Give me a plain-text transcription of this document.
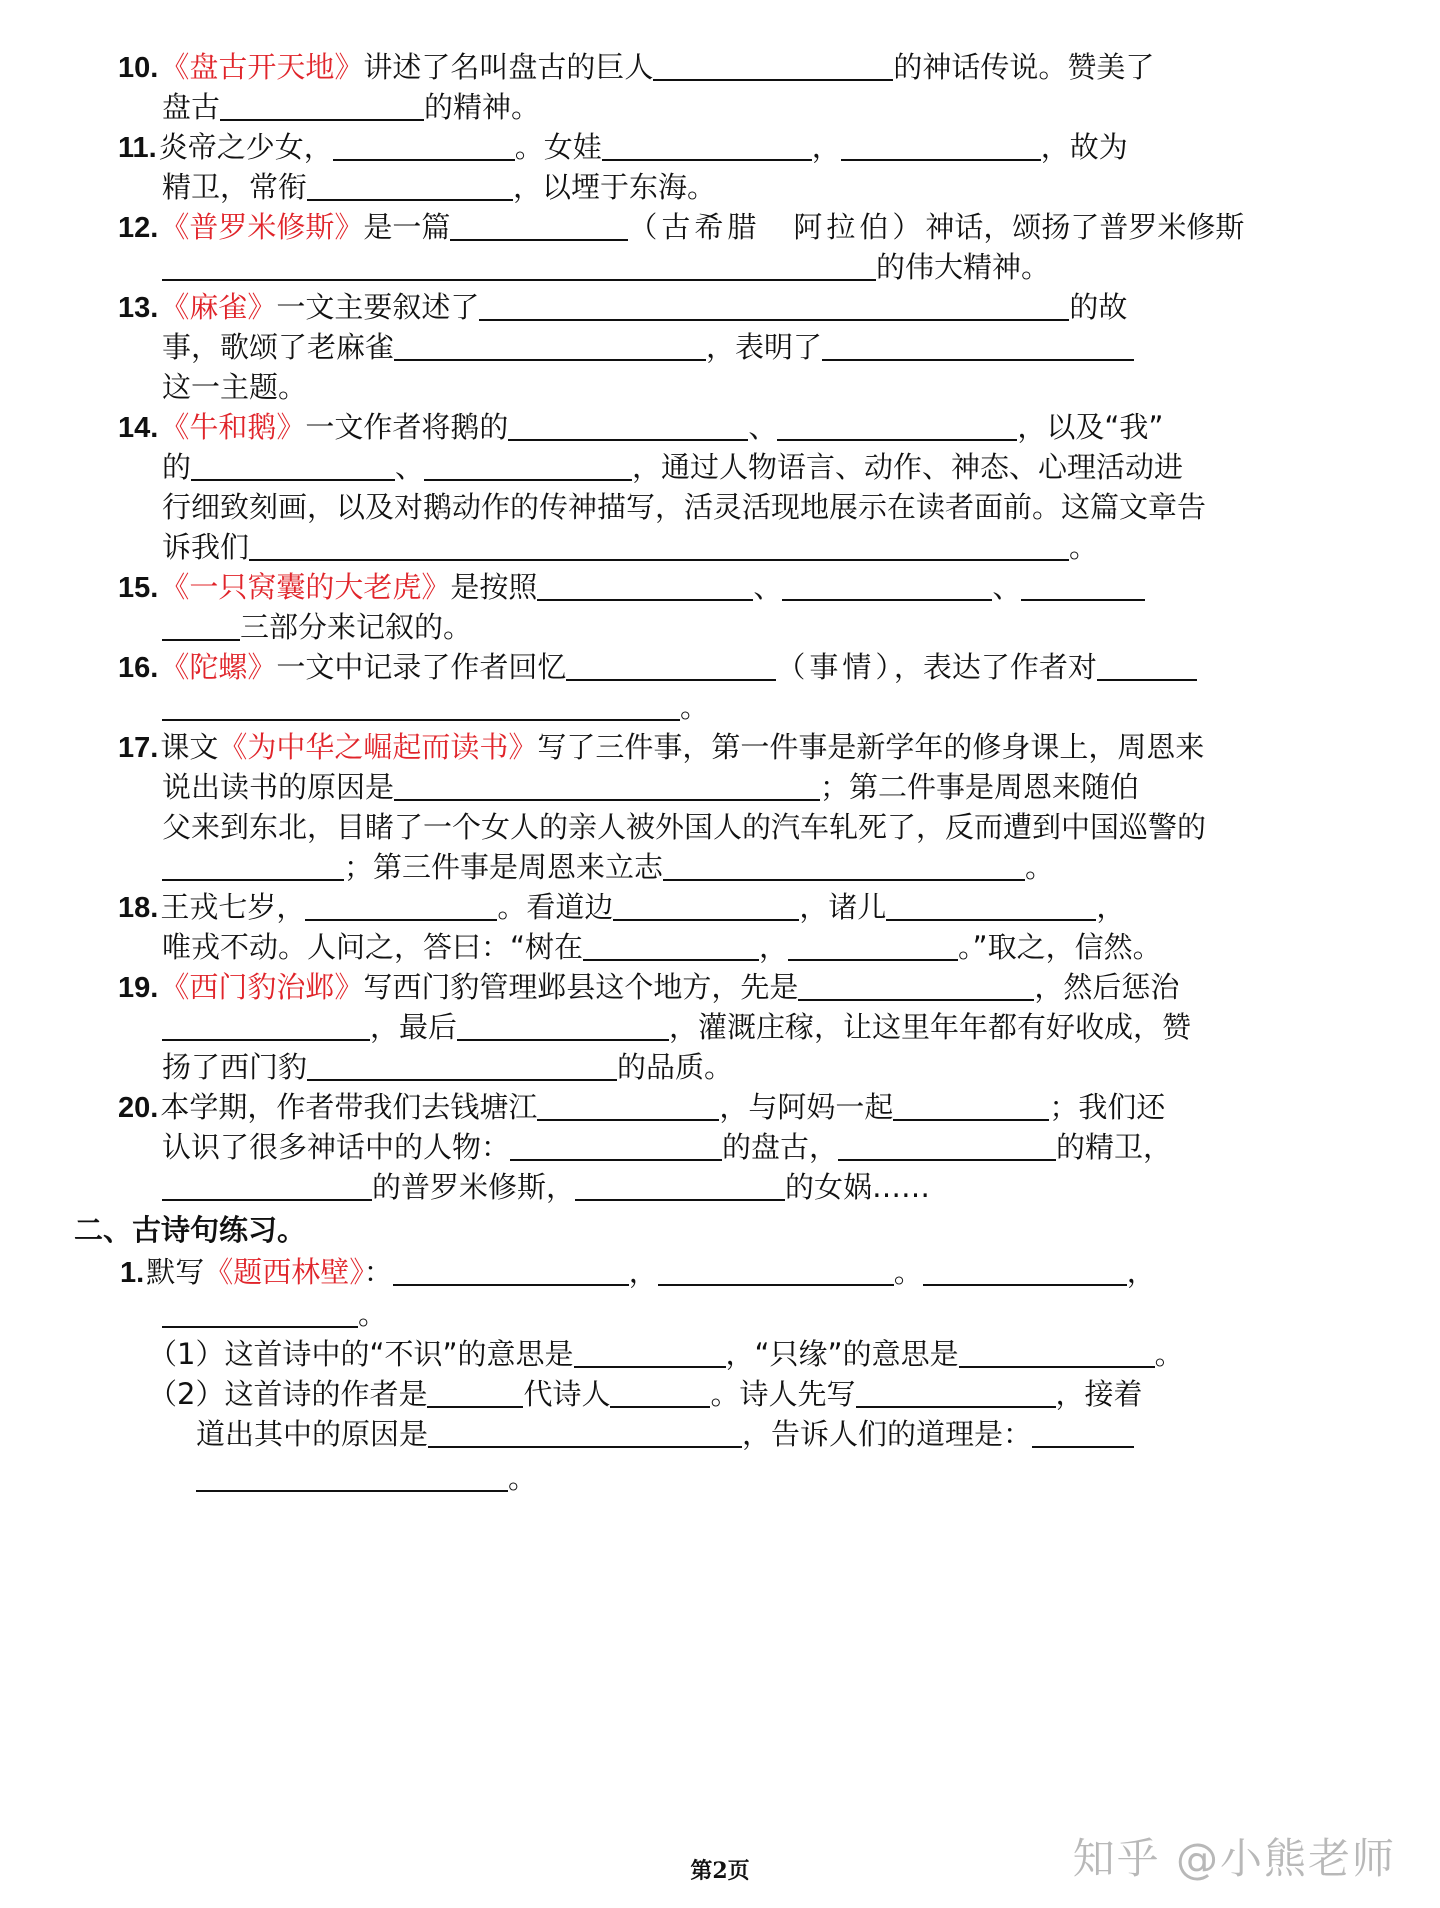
10.《盘古开天地》讲述了名叫盘古的巨人	的神话传说。赞美了
盘古	的精神。
11.炎帝之少女，	。女娃	，	，故为
精卫，常衔	，以堙于东海。
12.《普罗米修斯》是一篇	（古希腊　阿拉伯）神话，颂扬了普罗米修斯
的伟大精神。
13.《麻雀》一文主要叙述了	的故
事，歌颂了老麻雀	，表明了
这一主题。
14.《牛和鹅》一文作者将鹅的	、	，以及“我”
的	、	，通过人物语言、动作、神态、心理活动进
行细致刻画，以及对鹅动作的传神描写，活灵活现地展示在读者面前。这篇文章告
诉我们	。
15.《一只窝囊的大老虎》是按照	、	、
三部分来记叙的。
16.《陀螺》一文中记录了作者回忆	（事情），表达了作者对
。
17.课文《为中华之崛起而读书》写了三件事，第一件事是新学年的修身课上，周恩来
说出读书的原因是	；第二件事是周恩来随伯
父来到东北，目睹了一个女人的亲人被外国人的汽车轧死了，反而遭到中国巡警的
；第三件事是周恩来立志	。
18.王戎七岁，	。看道边	，诸儿	，
唯戎不动。人问之，答曰：“树在	，	。”取之，信然。
19.《西门豹治邺》写西门豹管理邺县这个地方，先是	，然后惩治
，最后	，灌溉庄稼，让这里年年都有好收成，赞
扬了西门豹	的品质。
20.本学期，作者带我们去钱塘江	，与阿妈一起	；我们还
认识了很多神话中的人物：	的盘古，	的精卫，
的普罗米修斯，	的女娲……
二、古诗句练习。
1.默写《题西林壁》：	，	。	，
。
（1）这首诗中的“不识”的意思是	，“只缘”的意思是	。
（2）这首诗的作者是	代诗人	。诗人先写	，接着
道出其中的原因是	，告诉人们的道理是：
。
第2页	知乎 @小熊老师
